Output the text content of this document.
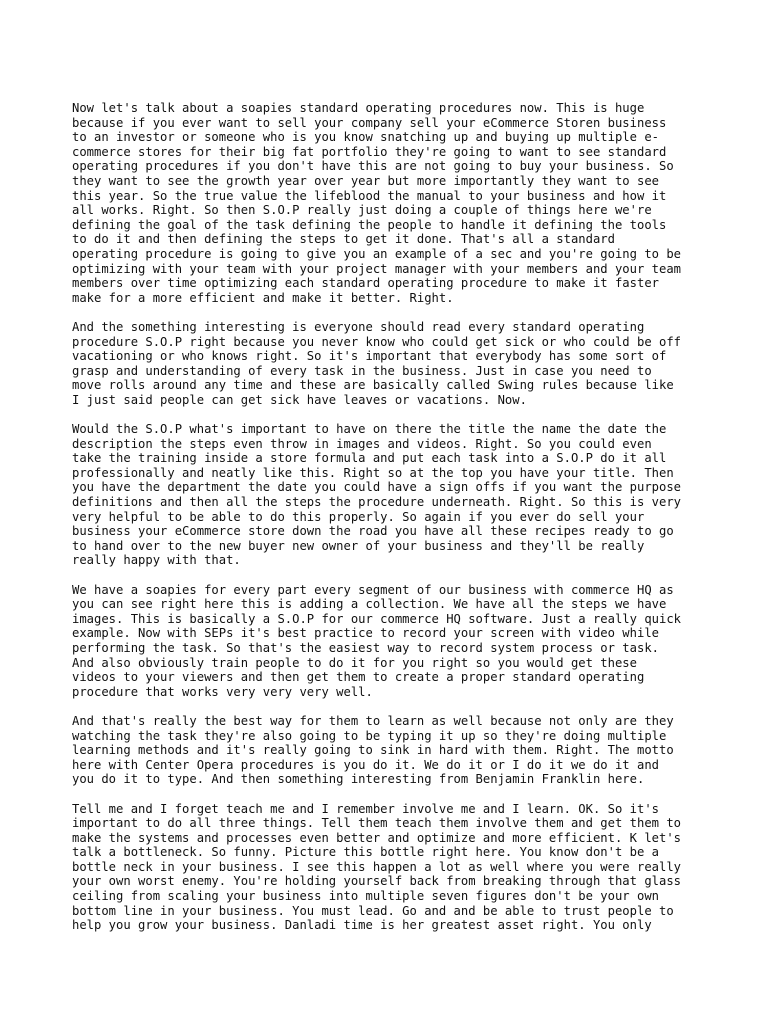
Now let's talk about a soapies standard operating procedures now. This is huge
because if you ever want to sell your company sell your eCommerce Storen business
to an investor or someone who is you know snatching up and buying up multiple e-
commerce stores for their big fat portfolio they're going to want to see standard
operating procedures if you don't have this are not going to buy your business. So
they want to see the growth year over year but more importantly they want to see
this year. So the true value the lifeblood the manual to your business and how it
all works. Right. So then S.O.P really just doing a couple of things here we're
defining the goal of the task defining the people to handle it defining the tools
to do it and then defining the steps to get it done. That's all a standard
operating procedure is going to give you an example of a sec and you're going to be
optimizing with your team with your project manager with your members and your team
members over time optimizing each standard operating procedure to make it faster
make for a more efficient and make it better. Right.

And the something interesting is everyone should read every standard operating
procedure S.O.P right because you never know who could get sick or who could be off
vacationing or who knows right. So it's important that everybody has some sort of
grasp and understanding of every task in the business. Just in case you need to
move rolls around any time and these are basically called Swing rules because like
I just said people can get sick have leaves or vacations. Now.

Would the S.O.P what's important to have on there the title the name the date the
description the steps even throw in images and videos. Right. So you could even
take the training inside a store formula and put each task into a S.O.P do it all
professionally and neatly like this. Right so at the top you have your title. Then
you have the department the date you could have a sign offs if you want the purpose
definitions and then all the steps the procedure underneath. Right. So this is very
very helpful to be able to do this properly. So again if you ever do sell your
business your eCommerce store down the road you have all these recipes ready to go
to hand over to the new buyer new owner of your business and they'll be really
really happy with that.

We have a soapies for every part every segment of our business with commerce HQ as
you can see right here this is adding a collection. We have all the steps we have
images. This is basically a S.O.P for our commerce HQ software. Just a really quick
example. Now with SEPs it's best practice to record your screen with video while
performing the task. So that's the easiest way to record system process or task.
And also obviously train people to do it for you right so you would get these
videos to your viewers and then get them to create a proper standard operating
procedure that works very very very well.

And that's really the best way for them to learn as well because not only are they
watching the task they're also going to be typing it up so they're doing multiple
learning methods and it's really going to sink in hard with them. Right. The motto
here with Center Opera procedures is you do it. We do it or I do it we do it and
you do it to type. And then something interesting from Benjamin Franklin here.

Tell me and I forget teach me and I remember involve me and I learn. OK. So it's
important to do all three things. Tell them teach them involve them and get them to
make the systems and processes even better and optimize and more efficient. K let's
talk a bottleneck. So funny. Picture this bottle right here. You know don't be a
bottle neck in your business. I see this happen a lot as well where you were really
your own worst enemy. You're holding yourself back from breaking through that glass
ceiling from scaling your business into multiple seven figures don't be your own
bottom line in your business. You must lead. Go and and be able to trust people to
help you grow your business. Danladi time is her greatest asset right. You only
